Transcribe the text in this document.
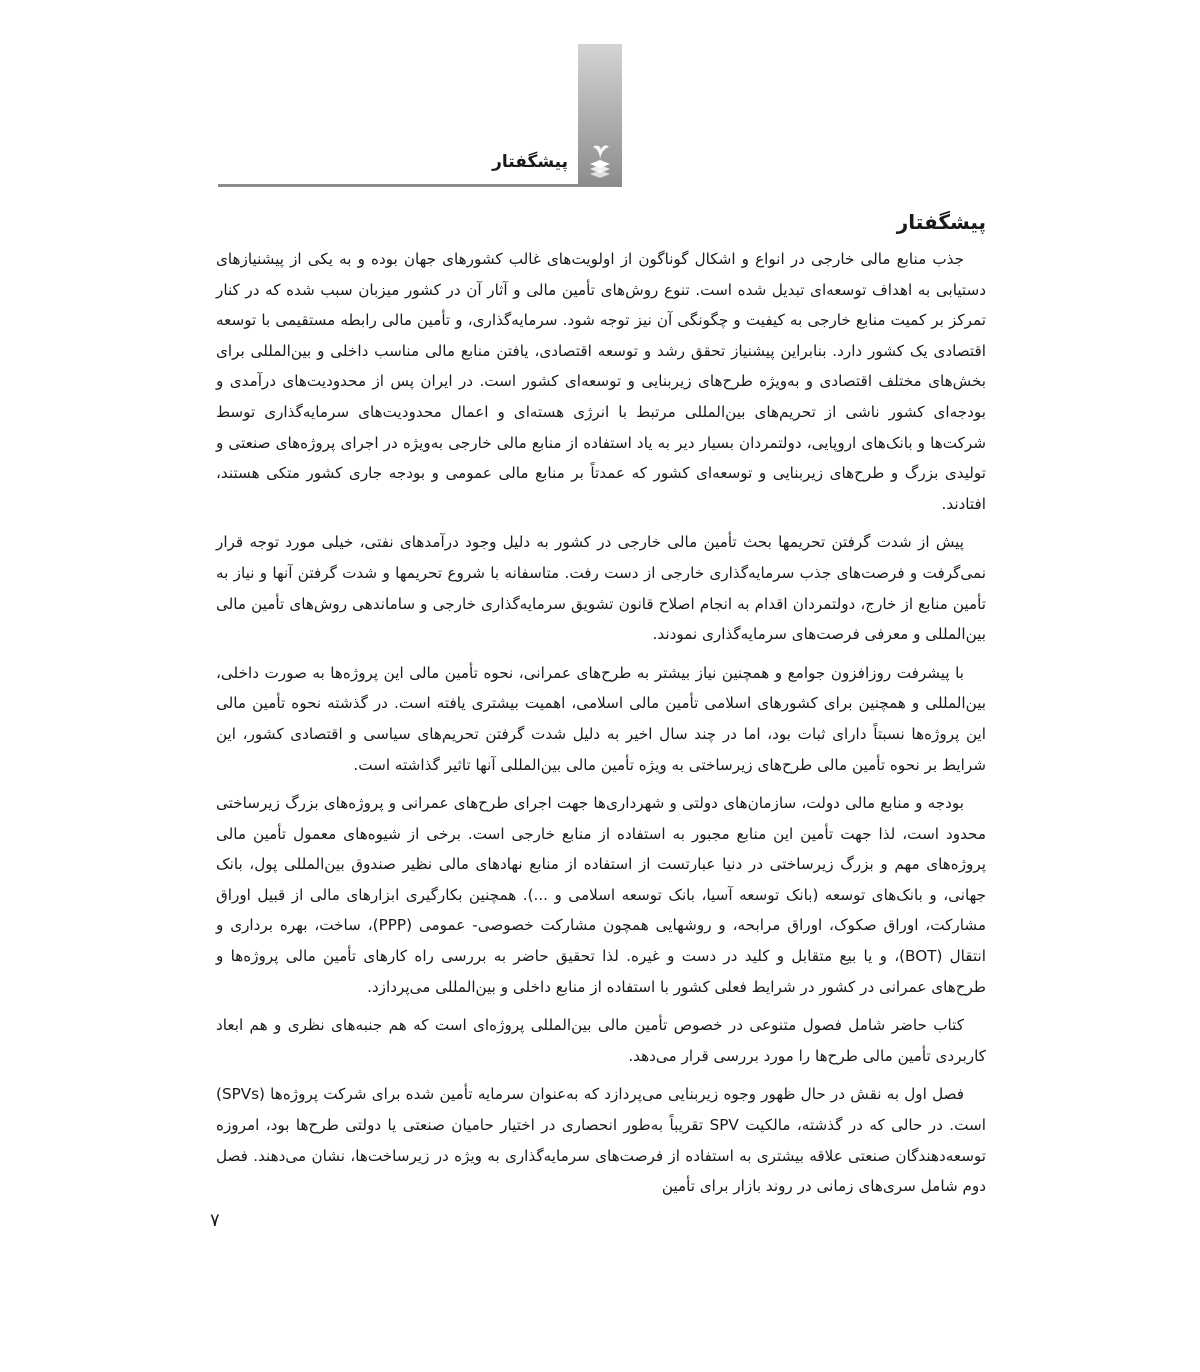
پیشگفتار
پیشگفتار

جذب منابع مالی خارجی در انواع و اشکال گوناگون از اولویت‌های غالب کشورهای جهان بوده و به یکی از پیشنیازهای دستیابی به اهداف توسعه‌ای تبدیل شده است. تنوع روش‌های تأمین مالی و آثار آن در کشور میزبان سبب شده که در کنار تمرکز بر کمیت منابع خارجی به کیفیت و چگونگی آن نیز توجه شود. سرمایه‌گذاری، و تأمین مالی رابطه مستقیمی با توسعه اقتصادی یک کشور دارد. بنابراین پیشنیاز تحقق رشد و توسعه اقتصادی، یافتن منابع مالی مناسب داخلی و بین‌المللی برای بخش‌های مختلف اقتصادی و به‌ویژه طرح‌های زیربنایی و توسعه‌ای کشور است. در ایران پس از محدودیت‌های درآمدی و بودجه‌ای کشور ناشی از تحریم‌های بین‌المللی مرتبط با انرژی هسته‌ای و اعمال محدودیت‌های سرمایه‌گذاری توسط شرکت‌ها و بانک‌های اروپایی، دولتمردان بسیار دیر به یاد استفاده از منابع مالی خارجی به‌ویژه در اجرای پروژه‌های صنعتی و تولیدی بزرگ و طرح‌های زیربنایی و توسعه‌ای کشور که عمدتاً بر منابع مالی عمومی و بودجه جاری کشور متکی هستند، افتادند.

پیش از شدت گرفتن تحریمها بحث تأمین مالی خارجی در کشور به دلیل وجود درآمدهای نفتی، خیلی مورد توجه قرار نمی‌گرفت و فرصت‌های جذب سرمایه‌گذاری خارجی از دست رفت. متاسفانه با شروع تحریمها و شدت گرفتن آنها و نیاز به تأمین منابع از خارج، دولتمردان اقدام به انجام اصلاح قانون تشویق سرمایه‌گذاری خارجی و ساماندهی روش‌های تأمین مالی بین‌المللی و معرفی فرصت‌های سرمایه‌گذاری نمودند.

با پیشرفت روزافزون جوامع و همچنین نیاز بیشتر به طرح‌های عمرانی، نحوه تأمین مالی این پروژه‌ها به صورت داخلی، بین‌المللی و همچنین برای کشورهای اسلامی تأمین مالی اسلامی، اهمیت بیشتری یافته است. در گذشته نحوه تأمین مالی این پروژه‌ها نسبتاً دارای ثبات بود، اما در چند سال اخیر به دلیل شدت گرفتن تحریم‌های سیاسی و اقتصادی کشور، این شرایط بر نحوه تأمین مالی طرح‌های زیرساختی به ویژه تأمین مالی بین‌المللی آنها تاثیر گذاشته است.

بودجه و منابع مالی دولت، سازمان‌های دولتی و شهرداری‌ها جهت اجرای طرح‌های عمرانی و پروژه‌های بزرگ زیرساختی محدود است، لذا جهت تأمین این منابع مجبور به استفاده از منابع خارجی است. برخی از شیوه‌های معمول تأمین مالی پروژه‌های مهم و بزرگ زیرساختی در دنیا عبارتست از استفاده از منابع نهادهای مالی نظیر صندوق بین‌المللی پول، بانک جهانی، و بانک‌های توسعه (بانک توسعه آسیا، بانک توسعه اسلامی و ...). همچنین بکارگیری ابزارهای مالی از قبیل اوراق مشارکت، اوراق صکوک، اوراق مرابحه، و روشهایی همچون مشارکت خصوصی- عمومی (PPP)، ساخت، بهره برداری و انتقال (BOT)، و یا بیع متقابل و کلید در دست و غیره. لذا تحقیق حاضر به بررسی راه کارهای تأمین مالی پروژه‌ها و طرح‌های عمرانی در کشور در شرایط فعلی کشور با استفاده از منابع داخلی و بین‌المللی می‌پردازد.

کتاب حاضر شامل فصول متنوعی در خصوص تأمین مالی بین‌المللی پروژه‌ای است که هم جنبه‌های نظری و هم ابعاد کاربردی تأمین مالی طرح‌ها را مورد بررسی قرار می‌دهد.

فصل اول به نقش در حال ظهور وجوه زیربنایی می‌پردازد که به‌عنوان سرمایه تأمین شده برای شرکت پروژه‌ها (SPVs) است. در حالی که در گذشته، مالکیت SPV تقریباً به‌طور انحصاری در اختیار حامیان صنعتی یا دولتی طرح‌ها بود، امروزه توسعه‌دهندگان صنعتی علاقه بیشتری به استفاده از فرصت‌های سرمایه‌گذاری به ویژه در زیرساخت‌ها، نشان می‌دهند. فصل دوم شامل سری‌های زمانی در روند بازار برای تأمین

۷
